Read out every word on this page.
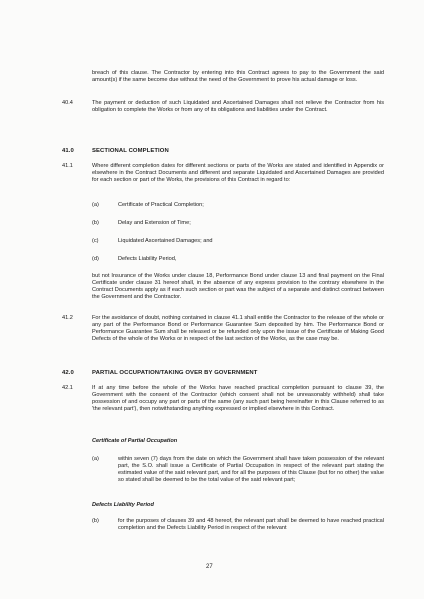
breach of this clause. The Contractor by entering into this Contract agrees to pay to the Government the said amount(s) if the same become due without the need of the Government to prove his actual damage or loss.

40.4	The payment or deduction of such Liquidated and Ascertained Damages shall not relieve the Contractor from his obligation to complete the Works or from any of its obligations and liabilities under the Contract.

41.0	SECTIONAL COMPLETION
41.1	Where different completion dates for different sections or parts of the Works are stated and identified in Appendix or elsewhere in the Contract Documents and different and separate Liquidated and Ascertained Damages are provided for each section or part of the Works, the provisions of this Contract in regard to:

(a)	Certificate of Practical Completion;
(b)	Delay and Extension of Time;
(c)	Liquidated Ascertained Damages; and
(d)	Defects Liability Period,

but not Insurance of the Works under clause 18, Performance Bond under clause 13 and final payment on the Final Certificate under clause 31 hereof shall, in the absence of any express provision to the contrary elsewhere in the Contract Documents apply as if each such section or part was the subject of a separate and distinct contract between the Government and the Contractor.

41.2	For the avoidance of doubt, nothing contained in clause 41.1 shall entitle the Contractor to the release of the whole or any part of the Performance Bond or Performance Guarantee Sum deposited by him. The Performance Bond or Performance Guarantee Sum shall be released or be refunded only upon the issue of the Certificate of Making Good Defects of the whole of the Works or in respect of the last section of the Works, as the case may be.

42.0	PARTIAL OCCUPATION/TAKING OVER BY GOVERNMENT
42.1	If at any time before the whole of the Works have reached practical completion pursuant to clause 39, the Government with the consent of the Contractor (which consent shall not be unreasonably withheld) shall take possession of and occupy any part or parts of the same (any such part being hereinafter in this Clause referred to as 'the relevant part'), then notwithstanding anything expressed or implied elsewhere in this Contract.

Certificate of Partial Occupation
(a)	within seven (7) days from the date on which the Government shall have taken possession of the relevant part, the S.O. shall issue a Certificate of Partial Occupation in respect of the relevant part stating the estimated value of the said relevant part, and for all the purposes of this Clause (but for no other) the value so stated shall be deemed to be the total value of the said relevant part;

Defects Liability Period
(b)	for the purposes of clauses 39 and 48 hereof, the relevant part shall be deemed to have reached practical completion and the Defects Liability Period in respect of the relevant

27
